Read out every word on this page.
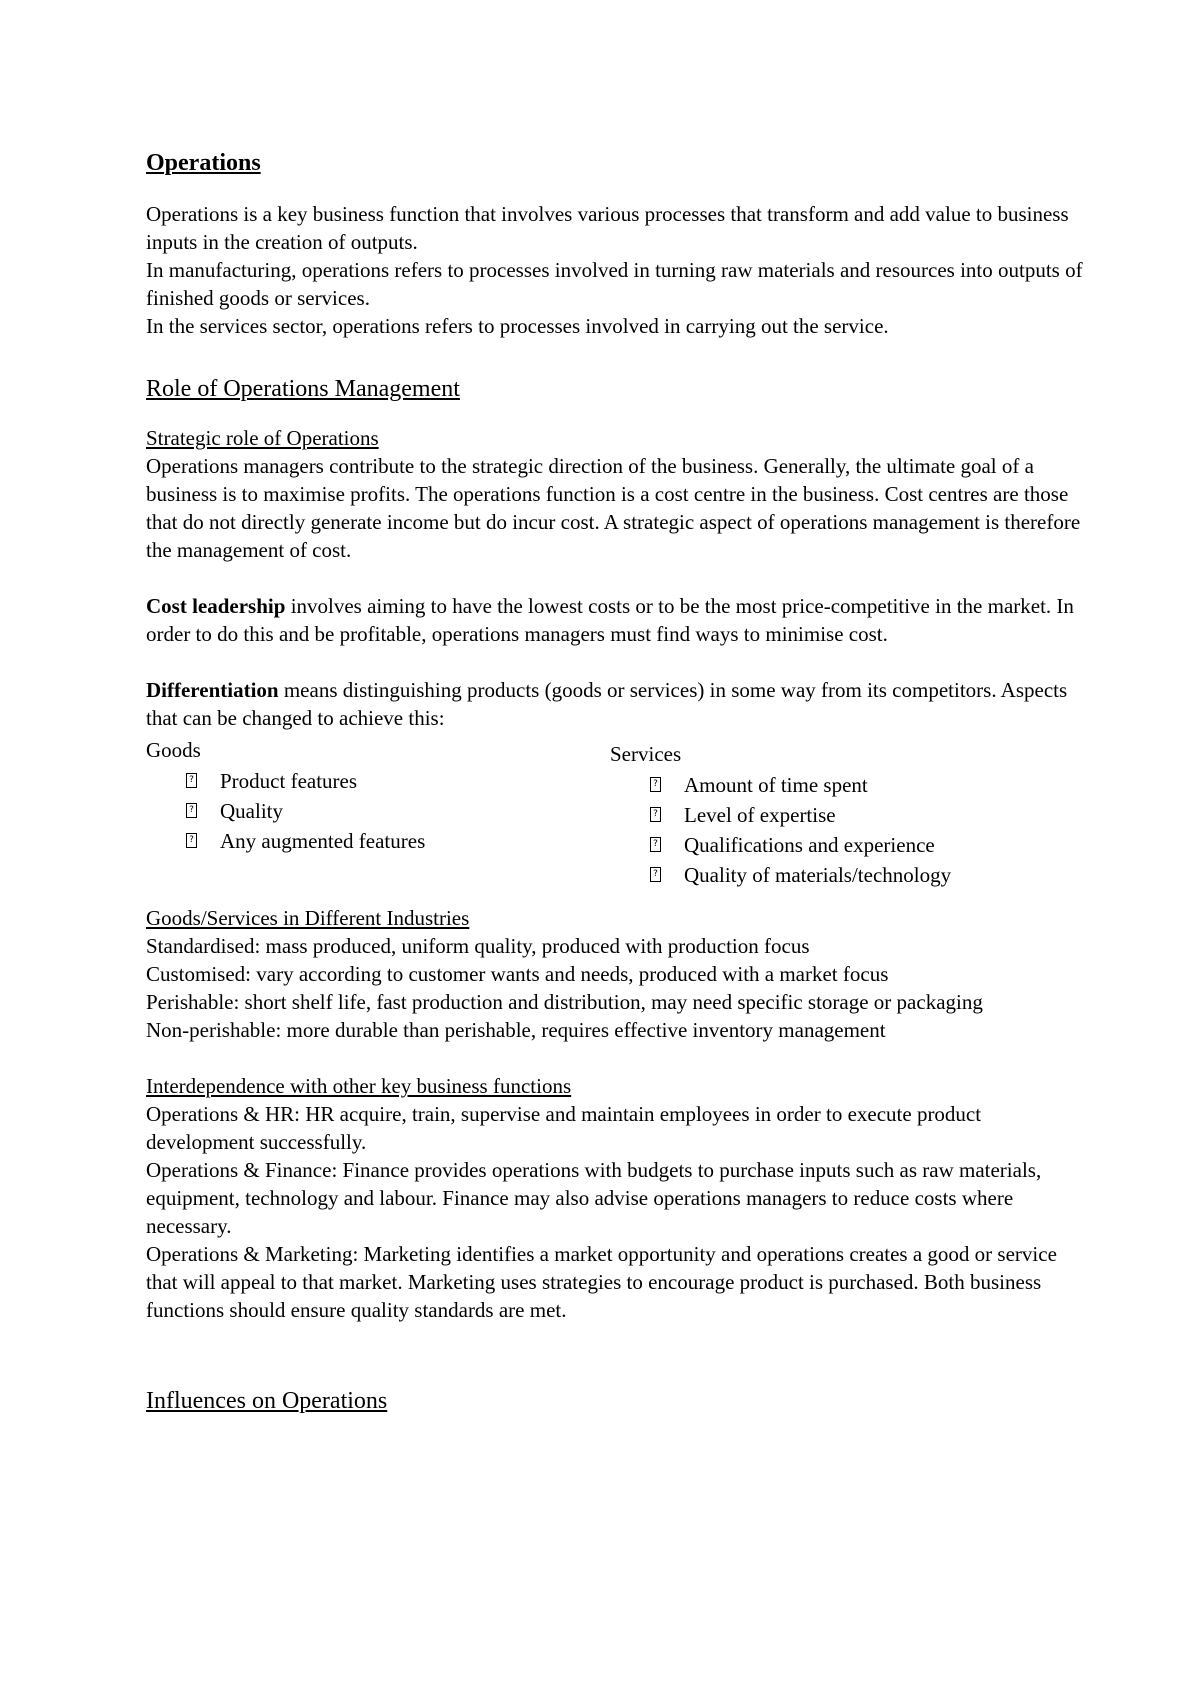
Operations

Operations is a key business function that involves various processes that transform and add value to business inputs in the creation of outputs.

In manufacturing, operations refers to processes involved in turning raw materials and resources into outputs of finished goods or services.

In the services sector, operations refers to processes involved in carrying out the service.

Role of Operations Management

Strategic role of Operations

Operations managers contribute to the strategic direction of the business. Generally, the ultimate goal of a business is to maximise profits. The operations function is a cost centre in the business. Cost centres are those that do not directly generate income but do incur cost. A strategic aspect of operations management is therefore the management of cost.

Cost leadership involves aiming to have the lowest costs or to be the most price-competitive in the market. In order to do this and be profitable, operations managers must find ways to minimise cost.

Differentiation means distinguishing products (goods or services) in some way from its competitors. Aspects that can be changed to achieve this:

Goods
? Product features
? Quality
? Any augmented features
Services
? Amount of time spent
? Level of expertise
? Qualifications and experience
? Quality of materials/technology

Goods/Services in Different Industries

Standardised: mass produced, uniform quality, produced with production focus

Customised: vary according to customer wants and needs, produced with a market focus

Perishable: short shelf life, fast production and distribution, may need specific storage or packaging

Non-perishable: more durable than perishable, requires effective inventory management

Interdependence with other key business functions

Operations & HR: HR acquire, train, supervise and maintain employees in order to execute product development successfully.

Operations & Finance: Finance provides operations with budgets to purchase inputs such as raw materials, equipment, technology and labour. Finance may also advise operations managers to reduce costs where necessary.

Operations & Marketing: Marketing identifies a market opportunity and operations creates a good or service that will appeal to that market. Marketing uses strategies to encourage product is purchased. Both business functions should ensure quality standards are met.

Influences on Operations
